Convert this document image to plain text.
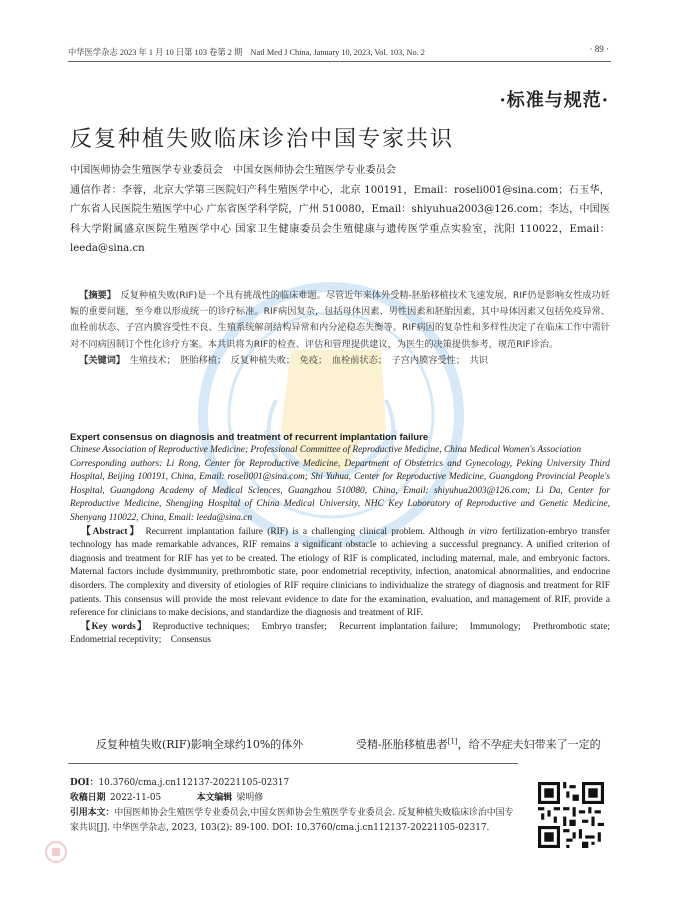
中华医学杂志 2023 年 1 月 10 日第 103 卷第 2 期　Natl Med J China, January 10, 2023, Vol. 103, No. 2	· 89 ·
·标准与规范·
反复种植失败临床诊治中国专家共识

中国医师协会生殖医学专业委员会　中国女医师协会生殖医学专业委员会

通信作者：李蓉，北京大学第三医院妇产科生殖医学中心，北京 100191，Email：roseli001@sina.com；石玉华，广东省人民医院生殖医学中心 广东省医学科学院，广州 510080，Email：shiyuhua2003@126.com；李达，中国医科大学附属盛京医院生殖医学中心 国家卫生健康委员会生殖健康与遗传医学重点实验室，沈阳 110022，Email：leeda@sina.cn

 【摘要】  反复种植失败(RIF)是一个具有挑战性的临床难题。尽管近年来体外受精-胚胎移植技术飞速发展，RIF仍是影响女性成功妊娠的重要问题，至今难以形成统一的诊疗标准。RIF病因复杂，包括母体因素、男性因素和胚胎因素，其中母体因素又包括免疫异常、血栓前状态、子宫内膜容受性不良、生殖系统解剖结构异常和内分泌稳态失衡等。RIF病因的复杂性和多样性决定了在临床工作中需针对不同病因制订个性化诊疗方案。本共识将为RIF的检查、评估和管理提供建议，为医生的决策提供参考，规范RIF诊治。

 【关键词】  生殖技术；　胚胎移植；　反复种植失败；　免疫；　血栓前状态；　子宫内膜容受性；　共识

Expert consensus on diagnosis and treatment of recurrent implantation failure

Chinese Association of Reproductive Medicine; Professional Committee of Reproductive Medicine, China Medical Women's Association

Corresponding authors: Li Rong, Center for Reproductive Medicine, Department of Obstetrics and Gynecology, Peking University Third Hospital, Beijing 100191, China, Email: roseli001@sina.com; Shi Yuhua, Center for Reproductive Medicine, Guangdong Provincial People's Hospital, Guangdong Academy of Medical Sciences, Guangzhou 510080, China, Email: shiyuhua2003@126.com; Li Da, Center for Reproductive Medicine, Shengjing Hospital of China Medical University, NHC Key Laboratory of Reproductive and Genetic Medicine, Shenyang 110022, China, Email: leeda@sina.cn

 【Abstract】  Recurrent implantation failure (RIF) is a challenging clinical problem. Although in vitro fertilization-embryo transfer technology has made remarkable advances, RIF remains a significant obstacle to achieving a successful pregnancy. A unified criterion of diagnosis and treatment for RIF has yet to be created. The etiology of RIF is complicated, including maternal, male, and embryonic factors. Maternal factors include dysimmunity, prethrombotic state, poor endometrial receptivity, infection, anatomical abnormalities, and endocrine disorders. The complexity and diversity of etiologies of RIF require clinicians to individualize the strategy of diagnosis and treatment for RIF patients. This consensus will provide the most relevant evidence to date for the examination, evaluation, and management of RIF, provide a reference for clinicians to make decisions, and standardize the diagnosis and treatment of RIF.

 【Key words】  Reproductive techniques;　Embryo transfer;　Recurrent implantation failure;　Immunology;　Prethrombotic state;　Endometrial receptivity;　Consensus

反复种植失败(RIF)影响全球约10%的体外	受精-胚胎移植患者[1]，给不孕症夫妇带来了一定的

DOI：10.3760/cma.j.cn112137-20221105-02317

收稿日期  2022-11-05    	本文编辑  梁明修

引用本文：中国医师协会生殖医学专业委员会,中国女医师协会生殖医学专业委员会. 反复种植失败临床诊治中国专家共识[J]. 中华医学杂志, 2023, 103(2): 89-100. DOI: 10.3760/cma.j.cn112137-20221105-02317.
